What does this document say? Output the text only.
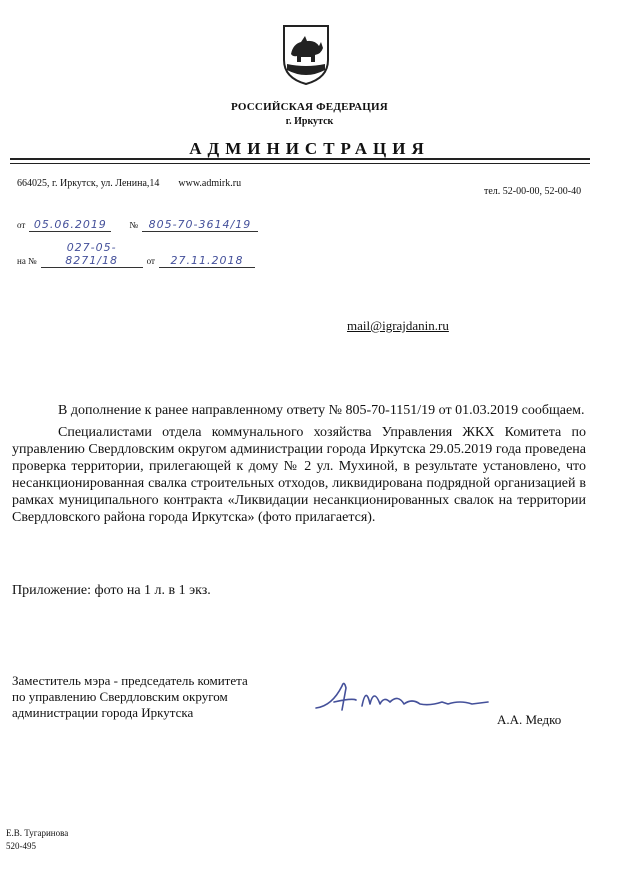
РОССИЙСКАЯ ФЕДЕРАЦИЯ
г. Иркутск
АДМИНИСТРАЦИЯ
664025, г. Иркутск, ул. Ленина,14 www.admirk.ru
тел. 52-00-00, 52-00-40
от 05.06.2019	№ 805-70-3614/19
на № 027-05-8271/18	от 27.11.2018
mail@igrajdanin.ru

В дополнение к ранее направленному ответу № 805-70-1151/19 от 01.03.2019 сообщаем.

Специалистами отдела коммунального хозяйства Управления ЖКХ Комитета по управлению Свердловским округом администрации города Иркутска 29.05.2019 года проведена проверка территории, прилегающей к дому № 2 ул. Мухиной, в результате установлено, что несанкционированная свалка строительных отходов, ликвидирована подрядной организацией в рамках муниципального контракта «Ликвидации несанкционированных свалок на территории Свердловского района города Иркутска» (фото прилагается).

Приложение: фото на 1 л. в 1 экз.
Заместитель мэра - председатель комитета
по управлению Свердловским округом
администрации города Иркутска	А.А. Медко
Е.В. Тугаринова
520-495
